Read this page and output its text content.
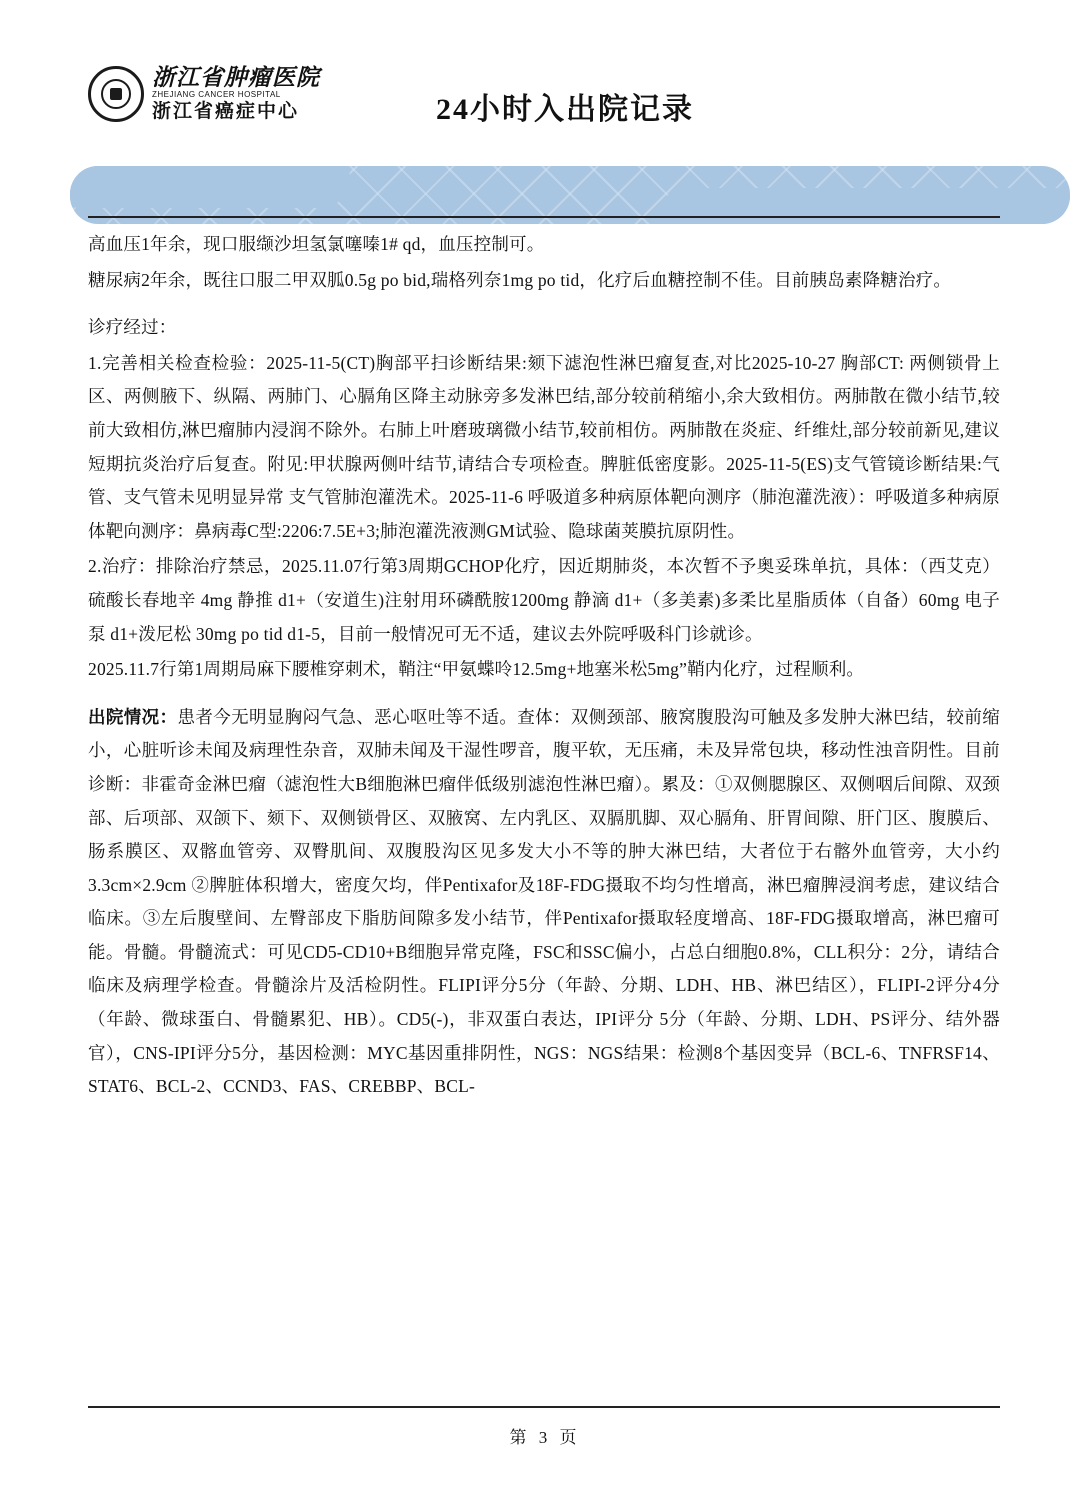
浙江省肿瘤医院
ZHEJIANG CANCER HOSPITAL
浙江省癌症中心	24小时入出院记录

高血压1年余，现口服缬沙坦氢氯噻嗪1# qd，血压控制可。

糖尿病2年余，既往口服二甲双胍0.5g po bid,瑞格列奈1mg po tid，化疗后血糖控制不佳。目前胰岛素降糖治疗。

诊疗经过：

1.完善相关检查检验：2025-11-5(CT)胸部平扫诊断结果:颏下滤泡性淋巴瘤复查,对比2025-10-27 胸部CT: 两侧锁骨上区、两侧腋下、纵隔、两肺门、心膈角区降主动脉旁多发淋巴结,部分较前稍缩小,余大致相仿。两肺散在微小结节,较前大致相仿,淋巴瘤肺内浸润不除外。右肺上叶磨玻璃微小结节,较前相仿。两肺散在炎症、纤维灶,部分较前新见,建议短期抗炎治疗后复查。附见:甲状腺两侧叶结节,请结合专项检查。脾脏低密度影。2025-11-5(ES)支气管镜诊断结果:气管、支气管未见明显异常 支气管肺泡灌洗术。2025-11-6 呼吸道多种病原体靶向测序（肺泡灌洗液）：呼吸道多种病原体靶向测序：鼻病毒C型:2206:7.5E+3;肺泡灌洗液测GM试验、隐球菌荚膜抗原阴性。

2.治疗：排除治疗禁忌，2025.11.07行第3周期GCHOP化疗，因近期肺炎，本次暂不予奥妥珠单抗，具体：（西艾克）硫酸长春地辛 4mg 静推 d1+（安道生)注射用环磷酰胺1200mg 静滴 d1+（多美素)多柔比星脂质体（自备）60mg 电子泵 d1+泼尼松 30mg po tid d1-5，目前一般情况可无不适，建议去外院呼吸科门诊就诊。

2025.11.7行第1周期局麻下腰椎穿刺术，鞘注“甲氨蝶呤12.5mg+地塞米松5mg”鞘内化疗，过程顺利。

出院情况：患者今无明显胸闷气急、恶心呕吐等不适。查体：双侧颈部、腋窝腹股沟可触及多发肿大淋巴结，较前缩小，心脏听诊未闻及病理性杂音，双肺未闻及干湿性啰音，腹平软，无压痛，未及异常包块，移动性浊音阴性。目前诊断：非霍奇金淋巴瘤（滤泡性大B细胞淋巴瘤伴低级别滤泡性淋巴瘤）。累及：①双侧腮腺区、双侧咽后间隙、双颈部、后项部、双颌下、颏下、双侧锁骨区、双腋窝、左内乳区、双膈肌脚、双心膈角、肝胃间隙、肝门区、腹膜后、肠系膜区、双髂血管旁、双臀肌间、双腹股沟区见多发大小不等的肿大淋巴结，大者位于右髂外血管旁，大小约3.3cm×2.9cm ②脾脏体积增大，密度欠均，伴Pentixafor及18F-FDG摄取不均匀性增高，淋巴瘤脾浸润考虑，建议结合临床。③左后腹壁间、左臀部皮下脂肪间隙多发小结节，伴Pentixafor摄取轻度增高、18F-FDG摄取增高，淋巴瘤可能。骨髓。骨髓流式：可见CD5-CD10+B细胞异常克隆，FSC和SSC偏小，占总白细胞0.8%，CLL积分：2分，请结合临床及病理学检查。骨髓涂片及活检阴性。FLIPI评分5分（年龄、分期、LDH、HB、淋巴结区），FLIPI-2评分4分（年龄、微球蛋白、骨髓累犯、HB）。CD5(-)，非双蛋白表达，IPI评分 5分（年龄、分期、LDH、PS评分、结外器官），CNS-IPI评分5分，基因检测：MYC基因重排阴性，NGS：NGS结果：检测8个基因变异（BCL-6、TNFRSF14、STAT6、BCL-2、CCND3、FAS、CREBBP、BCL-

第 3 页
